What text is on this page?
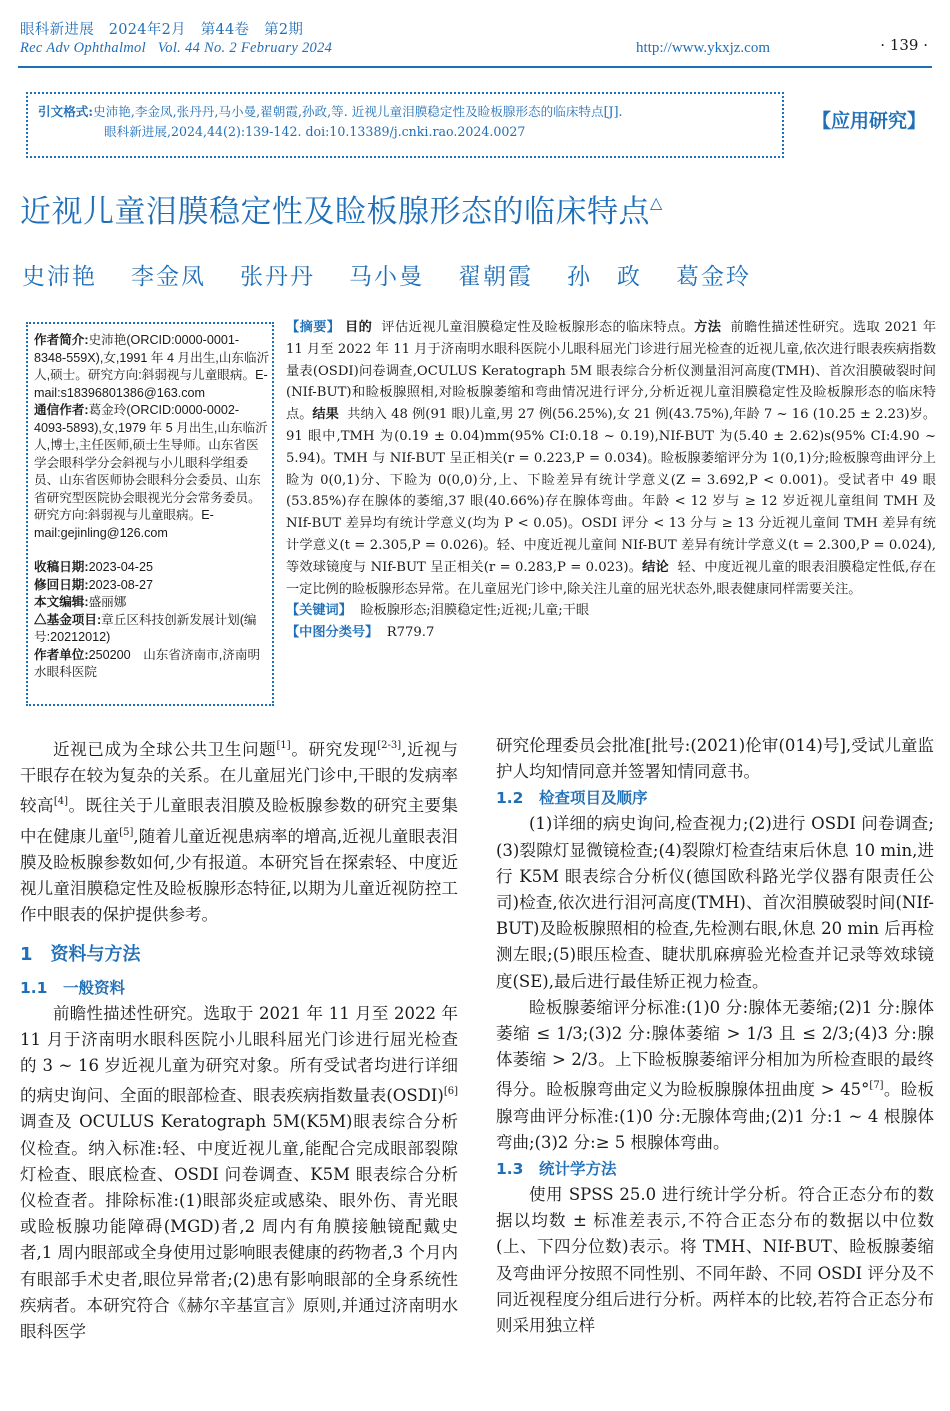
眼科新进展 2024年2月 第44卷 第2期
Rec Adv Ophthalmol Vol. 44 No. 2 February 2024	http://www.ykxjz.com	· 139 ·
引文格式:史沛艳,李金凤,张丹丹,马小曼,翟朝霞,孙政,等. 近视儿童泪膜稳定性及睑板腺形态的临床特点[J].
眼科新进展,2024,44(2):139-142. doi:10.13389/j.cnki.rao.2024.0027	【应用研究】
近视儿童泪膜稳定性及睑板腺形态的临床特点△
史沛艳 李金凤 张丹丹 马小曼 翟朝霞 孙　政 葛金玲

作者简介:史沛艳(ORCID:0000-0001-8348-559X),女,1991 年 4 月出生,山东临沂人,硕士。研究方向:斜弱视与儿童眼病。E-mail:s18396801386@163.com

通信作者:葛金玲(ORCID:0000-0002-4093-5893),女,1979 年 5 月出生,山东临沂人,博士,主任医师,硕士生导师。山东省医学会眼科学分会斜视与小儿眼科学组委员、山东省医师协会眼科分会委员、山东省研究型医院协会眼视光分会常务委员。研究方向:斜弱视与儿童眼病。E-mail:gejinling@126.com

收稿日期:2023-04-25

修回日期:2023-08-27

本文编辑:盛丽娜

△基金项目:章丘区科技创新发展计划(编号:20212012)

作者单位:250200　山东省济南市,济南明水眼科医院

【摘要】 目的 评估近视儿童泪膜稳定性及睑板腺形态的临床特点。方法 前瞻性描述性研究。选取 2021 年 11 月至 2022 年 11 月于济南明水眼科医院小儿眼科屈光门诊进行屈光检查的近视儿童,依次进行眼表疾病指数量表(OSDI)问卷调查,OCULUS Keratograph 5M 眼表综合分析仪测量泪河高度(TMH)、首次泪膜破裂时间(NIf-BUT)和睑板腺照相,对睑板腺萎缩和弯曲情况进行评分,分析近视儿童泪膜稳定性及睑板腺形态的临床特点。结果 共纳入 48 例(91 眼)儿童,男 27 例(56.25%),女 21 例(43.75%),年龄 7 ~ 16 (10.25 ± 2.23)岁。91 眼中,TMH 为(0.19 ± 0.04)mm(95% CI:0.18 ~ 0.19),NIf-BUT 为(5.40 ± 2.62)s(95% CI:4.90 ~ 5.94)。TMH 与 NIf-BUT 呈正相关(r = 0.223,P = 0.034)。睑板腺萎缩评分为 1(0,1)分;睑板腺弯曲评分上睑为 0(0,1)分、下睑为 0(0,0)分,上、下睑差异有统计学意义(Z = 3.692,P < 0.001)。受试者中 49 眼(53.85%)存在腺体的萎缩,37 眼(40.66%)存在腺体弯曲。年龄 < 12 岁与 ≥ 12 岁近视儿童组间 TMH 及 NIf-BUT 差异均有统计学意义(均为 P < 0.05)。OSDI 评分 < 13 分与 ≥ 13 分近视儿童间 TMH 差异有统计学意义(t = 2.305,P = 0.026)。轻、中度近视儿童间 NIf-BUT 差异有统计学意义(t = 2.300,P = 0.024),等效球镜度与 NIf-BUT 呈正相关(r = 0.283,P = 0.023)。结论 轻、中度近视儿童的眼表泪膜稳定性低,存在一定比例的睑板腺形态异常。在儿童屈光门诊中,除关注儿童的屈光状态外,眼表健康同样需要关注。

【关键词】 睑板腺形态;泪膜稳定性;近视;儿童;干眼

【中图分类号】 R779.7

近视已成为全球公共卫生问题[1]。研究发现[2-3],近视与干眼存在较为复杂的关系。在儿童屈光门诊中,干眼的发病率较高[4]。既往关于儿童眼表泪膜及睑板腺参数的研究主要集中在健康儿童[5],随着儿童近视患病率的增高,近视儿童眼表泪膜及睑板腺参数如何,少有报道。本研究旨在探索轻、中度近视儿童泪膜稳定性及睑板腺形态特征,以期为儿童近视防控工作中眼表的保护提供参考。

1　资料与方法
1.1　一般资料

前瞻性描述性研究。选取于 2021 年 11 月至 2022 年 11 月于济南明水眼科医院小儿眼科屈光门诊进行屈光检查的 3 ~ 16 岁近视儿童为研究对象。所有受试者均进行详细的病史询问、全面的眼部检查、眼表疾病指数量表(OSDI)[6]调查及 OCULUS Keratograph 5M(K5M)眼表综合分析仪检查。纳入标准:轻、中度近视儿童,能配合完成眼部裂隙灯检查、眼底检查、OSDI 问卷调查、K5M 眼表综合分析仪检查者。排除标准:(1)眼部炎症或感染、眼外伤、青光眼或睑板腺功能障碍(MGD)者,2 周内有角膜接触镜配戴史者,1 周内眼部或全身使用过影响眼表健康的药物者,3 个月内有眼部手术史者,眼位异常者;(2)患有影响眼部的全身系统性疾病者。本研究符合《赫尔辛基宣言》原则,并通过济南明水眼科医学

研究伦理委员会批准[批号:(2021)伦审(014)号],受试儿童监护人均知情同意并签署知情同意书。

1.2　检查项目及顺序

(1)详细的病史询问,检查视力;(2)进行 OSDI 问卷调查;(3)裂隙灯显微镜检查;(4)裂隙灯检查结束后休息 10 min,进行 K5M 眼表综合分析仪(德国欧科路光学仪器有限责任公司)检查,依次进行泪河高度(TMH)、首次泪膜破裂时间(NIf-BUT)及睑板腺照相的检查,先检测右眼,休息 20 min 后再检测左眼;(5)眼压检查、睫状肌麻痹验光检查并记录等效球镜度(SE),最后进行最佳矫正视力检查。

睑板腺萎缩评分标准:(1)0 分:腺体无萎缩;(2)1 分:腺体萎缩 ≤ 1/3;(3)2 分:腺体萎缩 > 1/3 且 ≤ 2/3;(4)3 分:腺体萎缩 > 2/3。上下睑板腺萎缩评分相加为所检查眼的最终得分。睑板腺弯曲定义为睑板腺腺体扭曲度 > 45°[7]。睑板腺弯曲评分标准:(1)0 分:无腺体弯曲;(2)1 分:1 ~ 4 根腺体弯曲;(3)2 分:≥ 5 根腺体弯曲。

1.3　统计学方法

使用 SPSS 25.0 进行统计学分析。符合正态分布的数据以均数 ± 标准差表示,不符合正态分布的数据以中位数(上、下四分位数)表示。将 TMH、NIf-BUT、睑板腺萎缩及弯曲评分按照不同性别、不同年龄、不同 OSDI 评分及不同近视程度分组后进行分析。两样本的比较,若符合正态分布则采用独立样
